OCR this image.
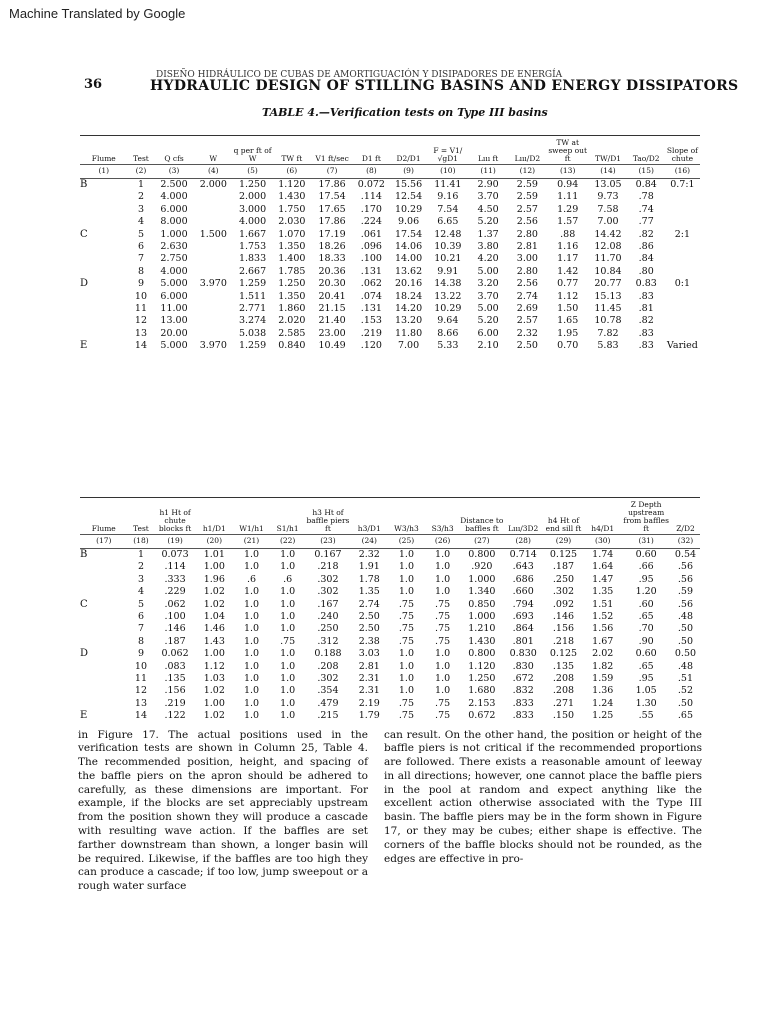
Machine Translated by Google
36
DISEÑO HIDRÁULICO DE CUBAS DE AMORTIGUACIÓN Y DISIPADORES DE ENERGÍA
HYDRAULIC DESIGN OF STILLING BASINS AND ENERGY DISSIPATORS
TABLE 4.—Verification tests on Type III basins
Flume	Test	Q cfs	W	q per ft of W	TW ft	V1 ft/sec	D1 ft	D2/D1	F = V1/√gD1	Lııı ft	Lııı/D2	TW at sweep out ft	TW/D1	Tao/D2	Slope of chute
(1)	(2)	(3)	(4)	(5)	(6)	(7)	(8)	(9)	(10)	(11)	(12)	(13)	(14)	(15)	(16)
B	1	2.500	2.000	1.250	1.120	17.86	0.072	15.56	11.41	2.90	2.59	0.94	13.05	0.84	0.7:1
	2	4.000		2.000	1.430	17.54	.114	12.54	9.16	3.70	2.59	1.11	9.73	.78	
	3	6.000		3.000	1.750	17.65	.170	10.29	7.54	4.50	2.57	1.29	7.58	.74	
	4	8.000		4.000	2.030	17.86	.224	9.06	6.65	5.20	2.56	1.57	7.00	.77	
C	5	1.000	1.500	1.667	1.070	17.19	.061	17.54	12.48	1.37	2.80	.88	14.42	.82	2:1
	6	2.630		1.753	1.350	18.26	.096	14.06	10.39	3.80	2.81	1.16	12.08	.86	
	7	2.750		1.833	1.400	18.33	.100	14.00	10.21	4.20	3.00	1.17	11.70	.84	
	8	4.000		2.667	1.785	20.36	.131	13.62	9.91	5.00	2.80	1.42	10.84	.80	
D	9	5.000	3.970	1.259	1.250	20.30	.062	20.16	14.38	3.20	2.56	0.77	20.77	0.83	0:1
	10	6.000		1.511	1.350	20.41	.074	18.24	13.22	3.70	2.74	1.12	15.13	.83	
	11	11.00		2.771	1.860	21.15	.131	14.20	10.29	5.00	2.69	1.50	11.45	.81	
	12	13.00		3.274	2.020	21.40	.153	13.20	9.64	5.20	2.57	1.65	10.78	.82	
	13	20.00		5.038	2.585	23.00	.219	11.80	8.66	6.00	2.32	1.95	7.82	.83	
E	14	5.000	3.970	1.259	0.840	10.49	.120	7.00	5.33	2.10	2.50	0.70	5.83	.83	Varied
Flume	Test	h1 Ht of chute blocks ft	h1/D1	W1/h1	S1/h1	h3 Ht of baffle piers ft	h3/D1	W3/h3	S3/h3	Distance to baffles ft	Lııı/3D2	h4 Ht of end sill ft	h4/D1	Z Depth upstream from baffles ft	Z/D2
(17)	(18)	(19)	(20)	(21)	(22)	(23)	(24)	(25)	(26)	(27)	(28)	(29)	(30)	(31)	(32)
B	1	0.073	1.01	1.0	1.0	0.167	2.32	1.0	1.0	0.800	0.714	0.125	1.74	0.60	0.54
	2	.114	1.00	1.0	1.0	.218	1.91	1.0	1.0	.920	.643	.187	1.64	.66	.56
	3	.333	1.96	.6	.6	.302	1.78	1.0	1.0	1.000	.686	.250	1.47	.95	.56
	4	.229	1.02	1.0	1.0	.302	1.35	1.0	1.0	1.340	.660	.302	1.35	1.20	.59
C	5	.062	1.02	1.0	1.0	.167	2.74	.75	.75	0.850	.794	.092	1.51	.60	.56
	6	.100	1.04	1.0	1.0	.240	2.50	.75	.75	1.000	.693	.146	1.52	.65	.48
	7	.146	1.46	1.0	1.0	.250	2.50	.75	.75	1.210	.864	.156	1.56	.70	.50
	8	.187	1.43	1.0	.75	.312	2.38	.75	.75	1.430	.801	.218	1.67	.90	.50
D	9	0.062	1.00	1.0	1.0	0.188	3.03	1.0	1.0	0.800	0.830	0.125	2.02	0.60	0.50
	10	.083	1.12	1.0	1.0	.208	2.81	1.0	1.0	1.120	.830	.135	1.82	.65	.48
	11	.135	1.03	1.0	1.0	.302	2.31	1.0	1.0	1.250	.672	.208	1.59	.95	.51
	12	.156	1.02	1.0	1.0	.354	2.31	1.0	1.0	1.680	.832	.208	1.36	1.05	.52
	13	.219	1.00	1.0	1.0	.479	2.19	.75	.75	2.153	.833	.271	1.24	1.30	.50
E	14	.122	1.02	1.0	1.0	.215	1.79	.75	.75	0.672	.833	.150	1.25	.55	.65

in Figure 17. The actual positions used in the verification tests are shown in Column 25, Table 4. The recommended position, height, and spacing of the baffle piers on the apron should be adhered to carefully, as these dimensions are important. For example, if the blocks are set appreciably upstream from the position shown they will produce a cascade with resulting wave action. If the baffles are set farther downstream than shown, a longer basin will be required. Likewise, if the baffles are too high they can produce a cascade; if too low, jump sweepout or a rough water surface

can result. On the other hand, the position or height of the baffle piers is not critical if the recommended proportions are followed. There exists a reasonable amount of leeway in all directions; however, one cannot place the baffle piers in the pool at random and expect anything like the excellent action otherwise associated with the Type III basin. The baffle piers may be in the form shown in Figure 17, or they may be cubes; either shape is effective. The corners of the baffle blocks should not be rounded, as the edges are effective in pro-
